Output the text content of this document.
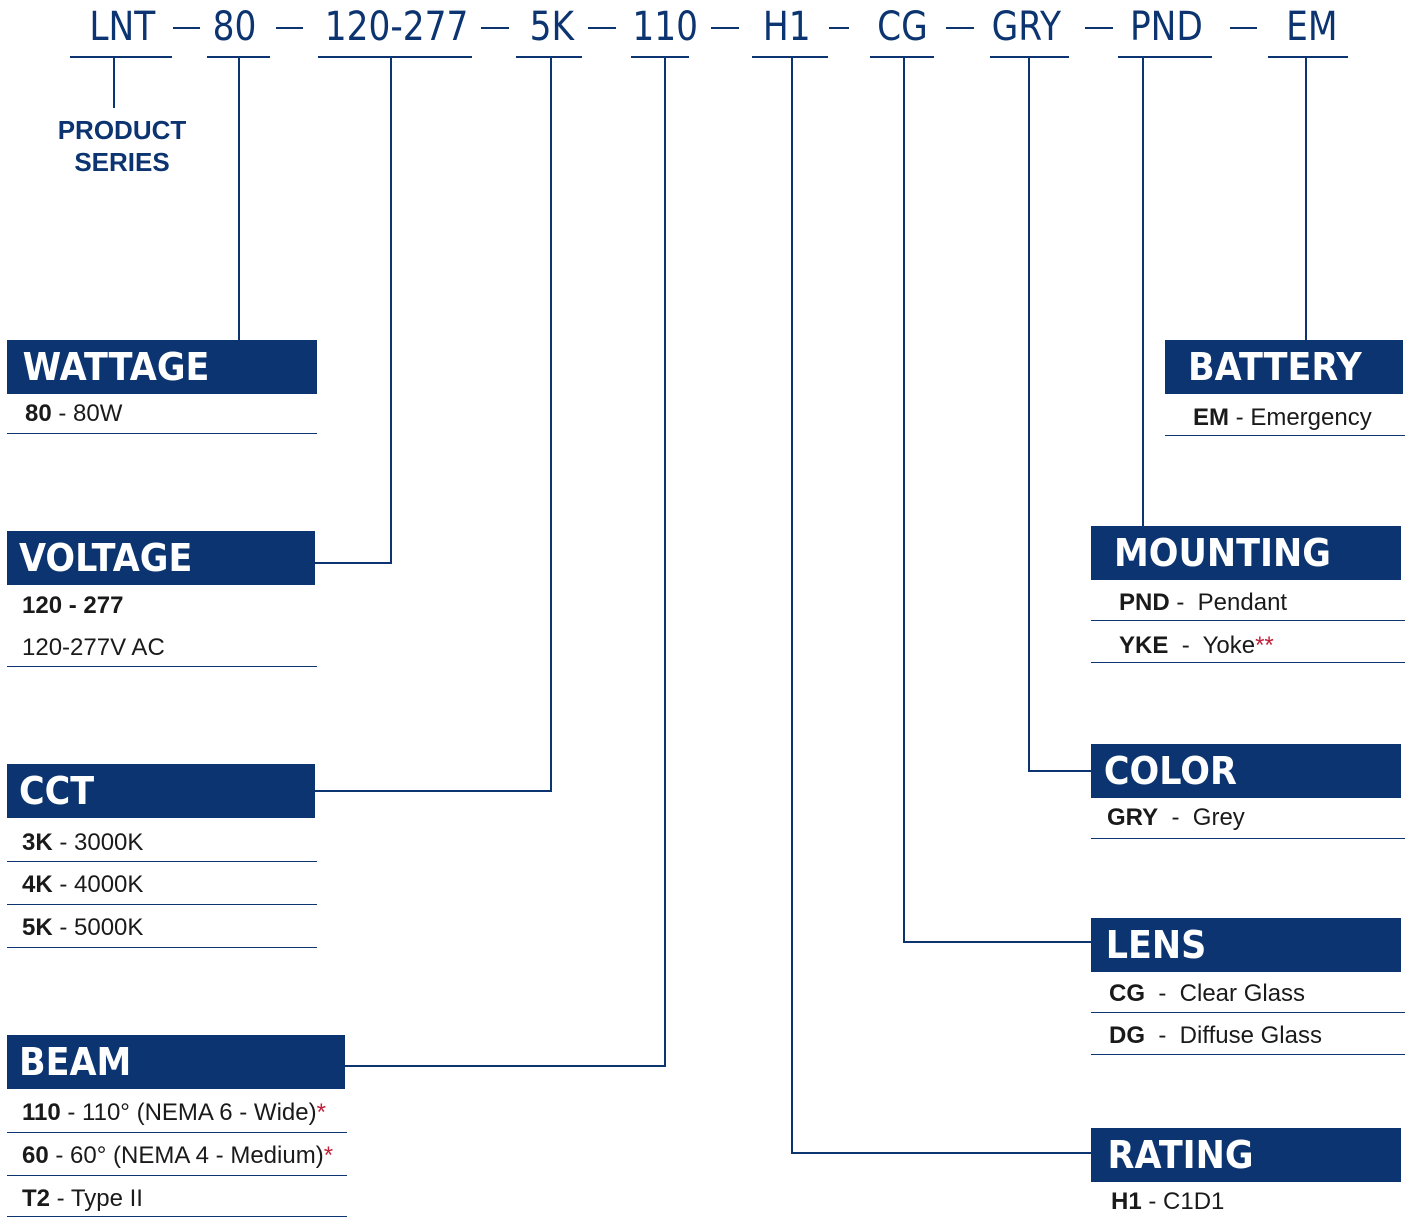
LNT 80 120-277 5K 110 H1 CG GRY PND EM
PRODUCT
SERIES
WATTAGE
80 - 80W
VOLTAGE
120 - 277
120-277V AC
CCT
3K - 3000K
4K - 4000K
5K - 5000K
BEAM
110 - 110° (NEMA 6 - Wide)*
60 - 60° (NEMA 4 - Medium)*
T2 - Type II
BATTERY
EM - Emergency
MOUNTING
PND -  Pendant
YKE  -  Yoke**
COLOR
GRY  -  Grey
LENS
CG  -  Clear Glass
DG  -  Diffuse Glass
RATING
H1 - C1D1
